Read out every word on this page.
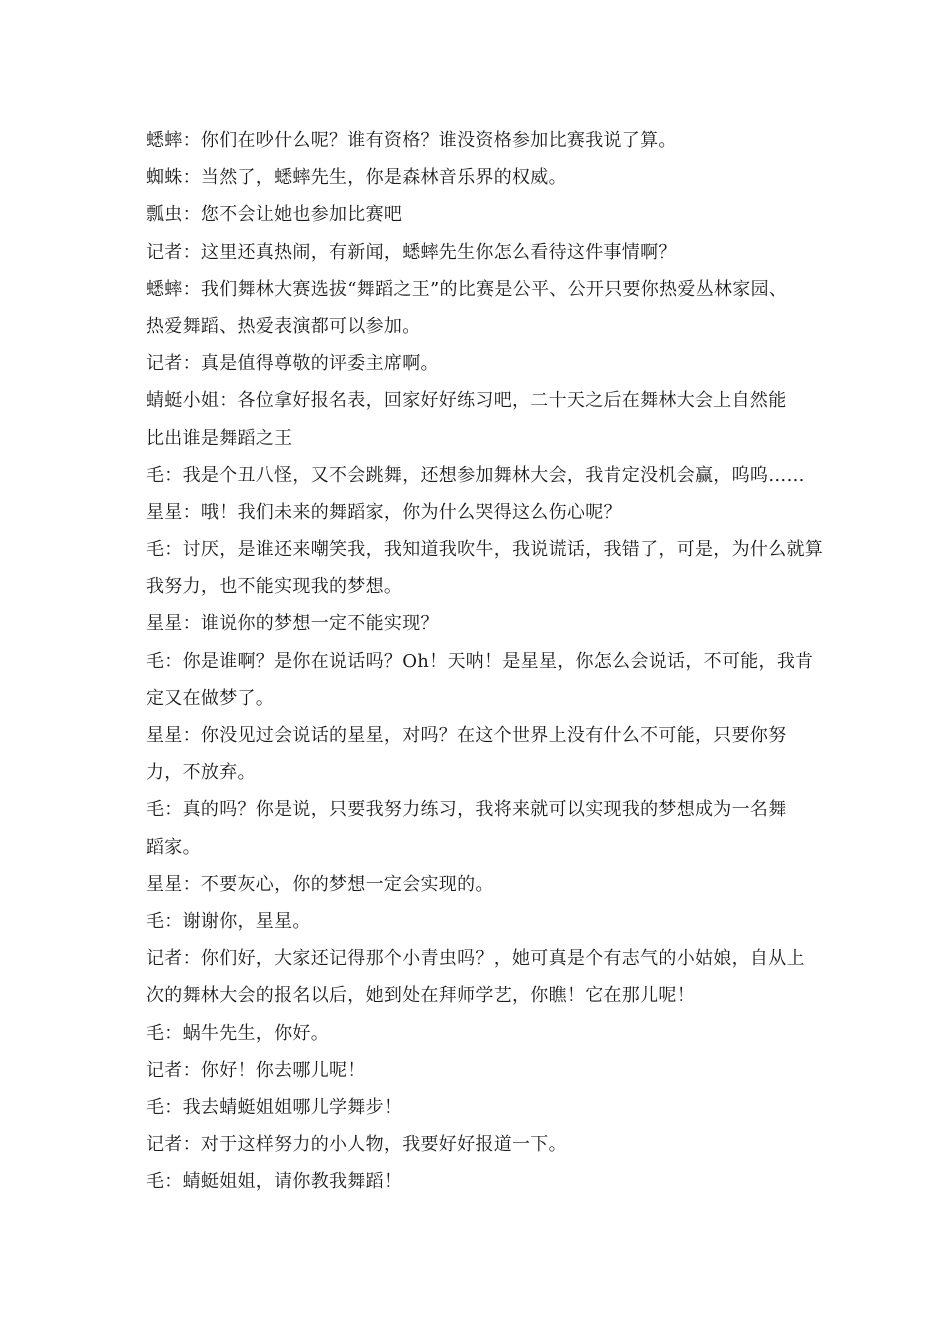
蟋蟀：你们在吵什么呢？谁有资格？谁没资格参加比赛我说了算。
蜘蛛：当然了，蟋蟀先生，你是森林音乐界的权威。
瓢虫：您不会让她也参加比赛吧
记者：这里还真热闹，有新闻，蟋蟀先生你怎么看待这件事情啊？
蟋蟀：我们舞林大赛选拔“舞蹈之王”的比赛是公平、公开只要你热爱丛林家园、
热爱舞蹈、热爱表演都可以参加。
记者：真是值得尊敬的评委主席啊。
蜻蜓小姐：各位拿好报名表，回家好好练习吧，二十天之后在舞林大会上自然能
比出谁是舞蹈之王
毛：我是个丑八怪，又不会跳舞，还想参加舞林大会，我肯定没机会赢，呜呜……
星星：哦！我们未来的舞蹈家，你为什么哭得这么伤心呢？
毛：讨厌，是谁还来嘲笑我，我知道我吹牛，我说谎话，我错了，可是，为什么就算
我努力，也不能实现我的梦想。
星星：谁说你的梦想一定不能实现？
毛：你是谁啊？是你在说话吗？Oh！天呐！是星星，你怎么会说话，不可能，我肯
定又在做梦了。
星星：你没见过会说话的星星，对吗？在这个世界上没有什么不可能，只要你努
力，不放弃。
毛：真的吗？你是说，只要我努力练习，我将来就可以实现我的梦想成为一名舞
蹈家。
星星：不要灰心，你的梦想一定会实现的。
毛：谢谢你，星星。
记者：你们好，大家还记得那个小青虫吗？，她可真是个有志气的小姑娘，自从上
次的舞林大会的报名以后，她到处在拜师学艺，你瞧！它在那儿呢！
毛：蜗牛先生，你好。
记者：你好！你去哪儿呢！
毛：我去蜻蜓姐姐哪儿学舞步！
记者：对于这样努力的小人物，我要好好报道一下。
毛：蜻蜓姐姐，请你教我舞蹈！
